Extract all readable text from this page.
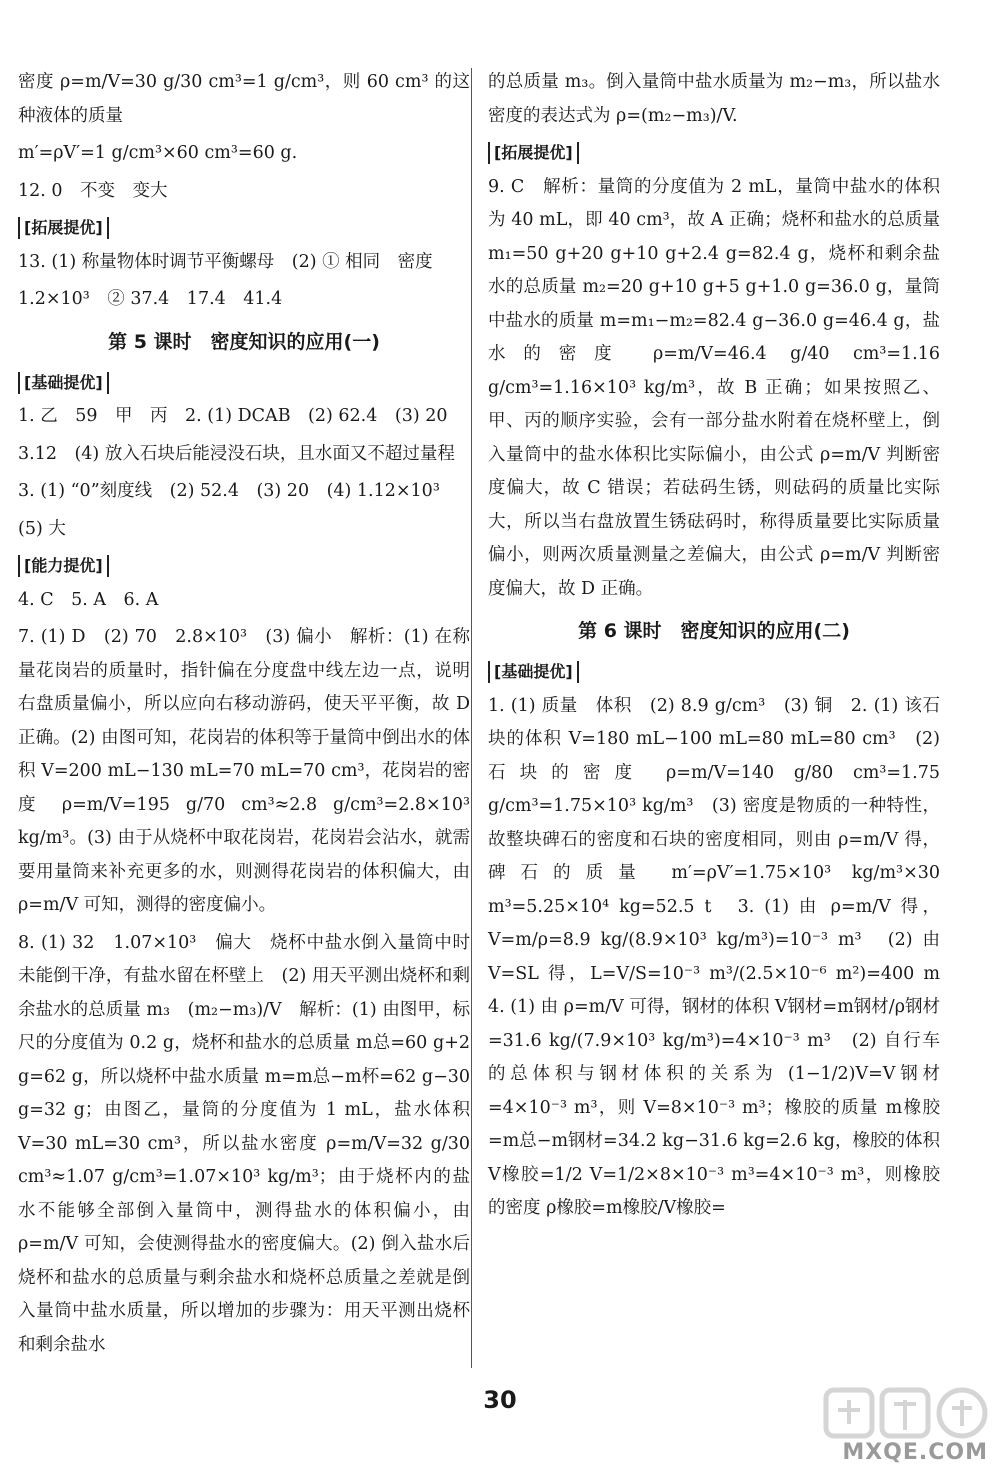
密度 ρ=m/V=30 g/30 cm³=1 g/cm³，则 60 cm³ 的这种液体的质量
m′=ρV′=1 g/cm³×60 cm³=60 g.
12. 0　不变　变大
[拓展提优]
13. (1) 称量物体时调节平衡螺母　(2) ① 相同　密度
1.2×10³　② 37.4　17.4　41.4
第 5 课时　密度知识的应用(一)
[基础提优]
1. 乙　59　甲　丙　2. (1) DCAB　(2) 62.4　(3) 20
3.12　(4) 放入石块后能浸没石块，且水面又不超过量程
3. (1) “0”刻度线　(2) 52.4　(3) 20　(4) 1.12×10³
(5) 大
[能力提优]
4. C　5. A　6. A
7. (1) D　(2) 70　2.8×10³　(3) 偏小　解析：(1) 在称量花岗岩的质量时，指针偏在分度盘中线左边一点，说明右盘质量偏小，所以应向右移动游码，使天平平衡，故 D 正确。(2) 由图可知，花岗岩的体积等于量筒中倒出水的体积 V=200 mL−130 mL=70 mL=70 cm³，花岗岩的密度 ρ=m/V=195 g/70 cm³≈2.8 g/cm³=2.8×10³ kg/m³。(3) 由于从烧杯中取花岗岩，花岗岩会沾水，就需要用量筒来补充更多的水，则测得花岗岩的体积偏大，由 ρ=m/V 可知，测得的密度偏小。
8. (1) 32　1.07×10³　偏大　烧杯中盐水倒入量筒中时未能倒干净，有盐水留在杯壁上　(2) 用天平测出烧杯和剩余盐水的总质量 m₃　(m₂−m₃)/V　解析：(1) 由图甲，标尺的分度值为 0.2 g，烧杯和盐水的总质量 m总=60 g+2 g=62 g，所以烧杯中盐水质量 m=m总−m杯=62 g−30 g=32 g；由图乙，量筒的分度值为 1 mL，盐水体积 V=30 mL=30 cm³，所以盐水密度 ρ=m/V=32 g/30 cm³≈1.07 g/cm³=1.07×10³ kg/m³；由于烧杯内的盐水不能够全部倒入量筒中，测得盐水的体积偏小，由 ρ=m/V 可知，会使测得盐水的密度偏大。(2) 倒入盐水后烧杯和盐水的总质量与剩余盐水和烧杯总质量之差就是倒入量筒中盐水质量，所以增加的步骤为：用天平测出烧杯和剩余盐水
的总质量 m₃。倒入量筒中盐水质量为 m₂−m₃，所以盐水密度的表达式为 ρ=(m₂−m₃)/V.
[拓展提优]
9. C　解析：量筒的分度值为 2 mL，量筒中盐水的体积为 40 mL，即 40 cm³，故 A 正确；烧杯和盐水的总质量 m₁=50 g+20 g+10 g+2.4 g=82.4 g，烧杯和剩余盐水的总质量 m₂=20 g+10 g+5 g+1.0 g=36.0 g，量筒中盐水的质量 m=m₁−m₂=82.4 g−36.0 g=46.4 g，盐水的密度 ρ=m/V=46.4 g/40 cm³=1.16 g/cm³=1.16×10³ kg/m³，故 B 正确；如果按照乙、甲、丙的顺序实验，会有一部分盐水附着在烧杯壁上，倒入量筒中的盐水体积比实际偏小，由公式 ρ=m/V 判断密度偏大，故 C 错误；若砝码生锈，则砝码的质量比实际大，所以当右盘放置生锈砝码时，称得质量要比实际质量偏小，则两次质量测量之差偏大，由公式 ρ=m/V 判断密度偏大，故 D 正确。
第 6 课时　密度知识的应用(二)
[基础提优]
1. (1) 质量　体积　(2) 8.9 g/cm³　(3) 铜　2. (1) 该石块的体积 V=180 mL−100 mL=80 mL=80 cm³　(2) 石块的密度 ρ=m/V=140 g/80 cm³=1.75 g/cm³=1.75×10³ kg/m³　(3) 密度是物质的一种特性，故整块碑石的密度和石块的密度相同，则由 ρ=m/V 得，碑石的质量 m′=ρV′=1.75×10³ kg/m³×30 m³=5.25×10⁴ kg=52.5 t　3. (1) 由 ρ=m/V 得，V=m/ρ=8.9 kg/(8.9×10³ kg/m³)=10⁻³ m³　(2) 由 V=SL 得，L=V/S=10⁻³ m³/(2.5×10⁻⁶ m²)=400 m　4. (1) 由 ρ=m/V 可得，钢材的体积 V钢材=m钢材/ρ钢材=31.6 kg/(7.9×10³ kg/m³)=4×10⁻³ m³　(2) 自行车的总体积与钢材体积的关系为 (1−1/2)V=V钢材=4×10⁻³ m³，则 V=8×10⁻³ m³；橡胶的质量 m橡胶=m总−m钢材=34.2 kg−31.6 kg=2.6 kg，橡胶的体积 V橡胶=1/2 V=1/2×8×10⁻³ m³=4×10⁻³ m³，则橡胶的密度 ρ橡胶=m橡胶/V橡胶=
30
MXQE.COM
